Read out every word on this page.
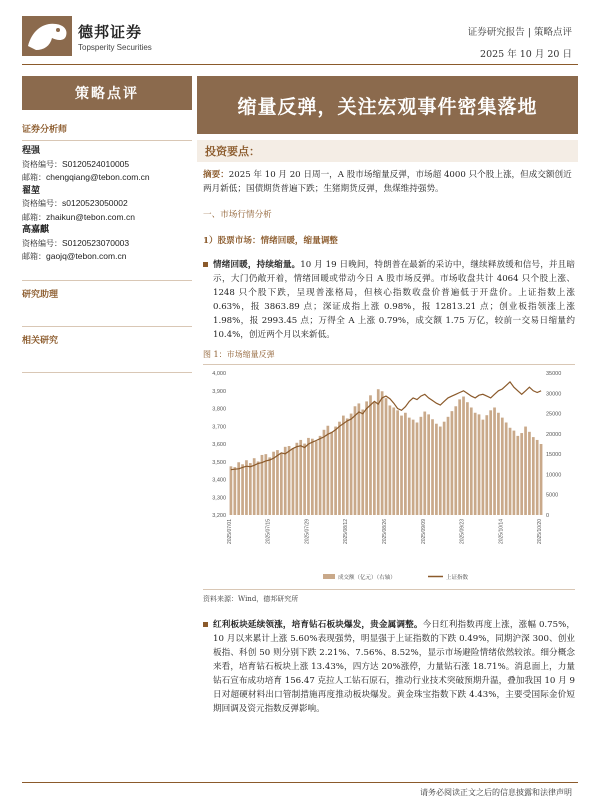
德邦证券
Topsperity Securities
证券研究报告 | 策略点评
2025 年 10 月 20 日
策略点评
证券分析师
程强
资格编号：S0120524010005
邮箱：chengqiang@tebon.com.cn
翟堃
资格编号：s0120523050002
邮箱：zhaikun@tebon.com.cn
高嘉麒
资格编号：S0120523070003
邮箱：gaojq@tebon.com.cn
研究助理
相关研究
缩量反弹，关注宏观事件密集落地
投资要点：
摘要：2025 年 10 月 20 日周一，A 股市场缩量反弹，市场超 4000 只个股上涨，但成交额创近两月新低；国债期货普遍下跌；生猪期货反弹，焦煤维持强势。
一、市场行情分析
1）股票市场：情绪回暖，缩量调整
情绪回暖，持续缩量。10 月 19 日晚间，特朗普在最新的采访中，继续释放缓和信号，并且暗示，大门仍敞开着，情绪回暖或带动今日 A 股市场反弹。市场收盘共计 4064 只个股上涨、1248 只个股下跌，呈现普涨格局，但核心指数收盘价普遍低于开盘价。上证指数上涨 0.63%，报 3863.89 点；深证成指上涨 0.98%，报 12813.21 点；创业板指领涨上涨 1.98%，报 2993.45 点；万得全 A 上涨 0.79%，成交额 1.75 万亿，较前一交易日缩量约 10.4%，创近两个月以来新低。
图 1：市场缩量反弹
3,200
3,300
3,400
3,500
3,600
3,700
3,800
3,900
4,000
0
5000
10000
15000
20000
25000
30000
35000
2025/07/01	2025/07/15	2025/07/29	2025/08/12	2025/08/26	2025/09/09	2025/09/23	2025/10/14	2025/10/20
成交额（亿元）（右轴）	上证指数
资料来源：Wind，德邦研究所
红利板块延续领涨，培育钻石板块爆发，贵金属调整。今日红利指数再度上涨，涨幅 0.75%，10 月以来累计上涨 5.60%表现强势，明显强于上证指数的下跌 0.49%，同期沪深 300、创业板指、科创 50 则分别下跌 2.21%、7.56%、8.52%，显示市场避险情绪依然较浓。细分概念来看，培育钻石板块上涨 13.43%，四方达 20%涨停，力量钻石涨 18.71%。消息面上，力量钻石宣布成功培育 156.47 克拉人工钻石原石，推动行业技术突破预期升温，叠加我国 10 月 9 日对超硬材料出口管制措施再度推动板块爆发。黄金珠宝指数下跌 4.43%，主要受国际金价短期回调及资元指数反弹影响。
请务必阅读正文之后的信息披露和法律声明
